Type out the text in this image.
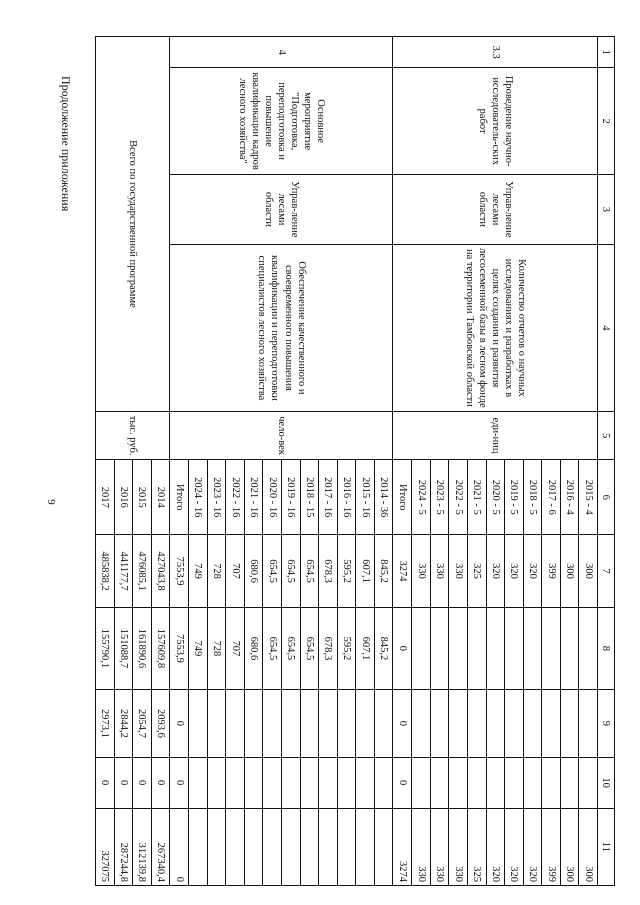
9
Продолжение приложения
1	2	3	4	5	6	7	8	9	10	11
3.3	Проведение научно-исследователь-ских работ	Управ-ление лесами области	Количество отчетов о научных исследованиях и разработках в целях создания и развития лесосеменной базы в лесном фонде на территории Тамбовской области	еди-ниц	2015 - 4	300				300
					2016 - 4	300				300
					2017 - 6	399				399
					2018 - 5	320				320
					2019 - 5	320				320
					2020 - 5	320				320
					2021 - 5	325				325
					2022 - 5	330				330
					2023 - 5	330				330
					2024 - 5	330				330
					Итого	3274	0	0	0	3274
4	Основное мероприятие "Подготовка, переподготовка и повышение квалификации кадров лесного хозяйства"	Управ-ление лесами области	Обеспечение качественного и своевременного повышения квалификации и переподготовки специалистов лесного хозяйства	чело-век	2014 - 36	845,2	845,2			
					2015 - 16	607,1	607,1			
					2016 - 16	595,2	595,2			
					2017 - 16	678,3	678,3			
					2018 - 15	654,5	654,5			
					2019 - 16	654,5	654,5			
					2020 - 16	654,5	654,5			
					2021 - 16	680,6	680,6			
					2022 - 16	707	707			
					2023 - 16	728	728			
					2024 - 16	749	749			
					Итого	7553,9	7553,9	0	0	0
Всего по государственной программе				тыс. руб.	2014	427043,8	157609,8	2093,6	0	267340,4
					2015	476085,1	161890,6	2054,7	0	312139,8
					2016	441177,7	151088,7	2844,2	0	287244,8
					2017	485838,2	155790,1	2973,1	0	327075
